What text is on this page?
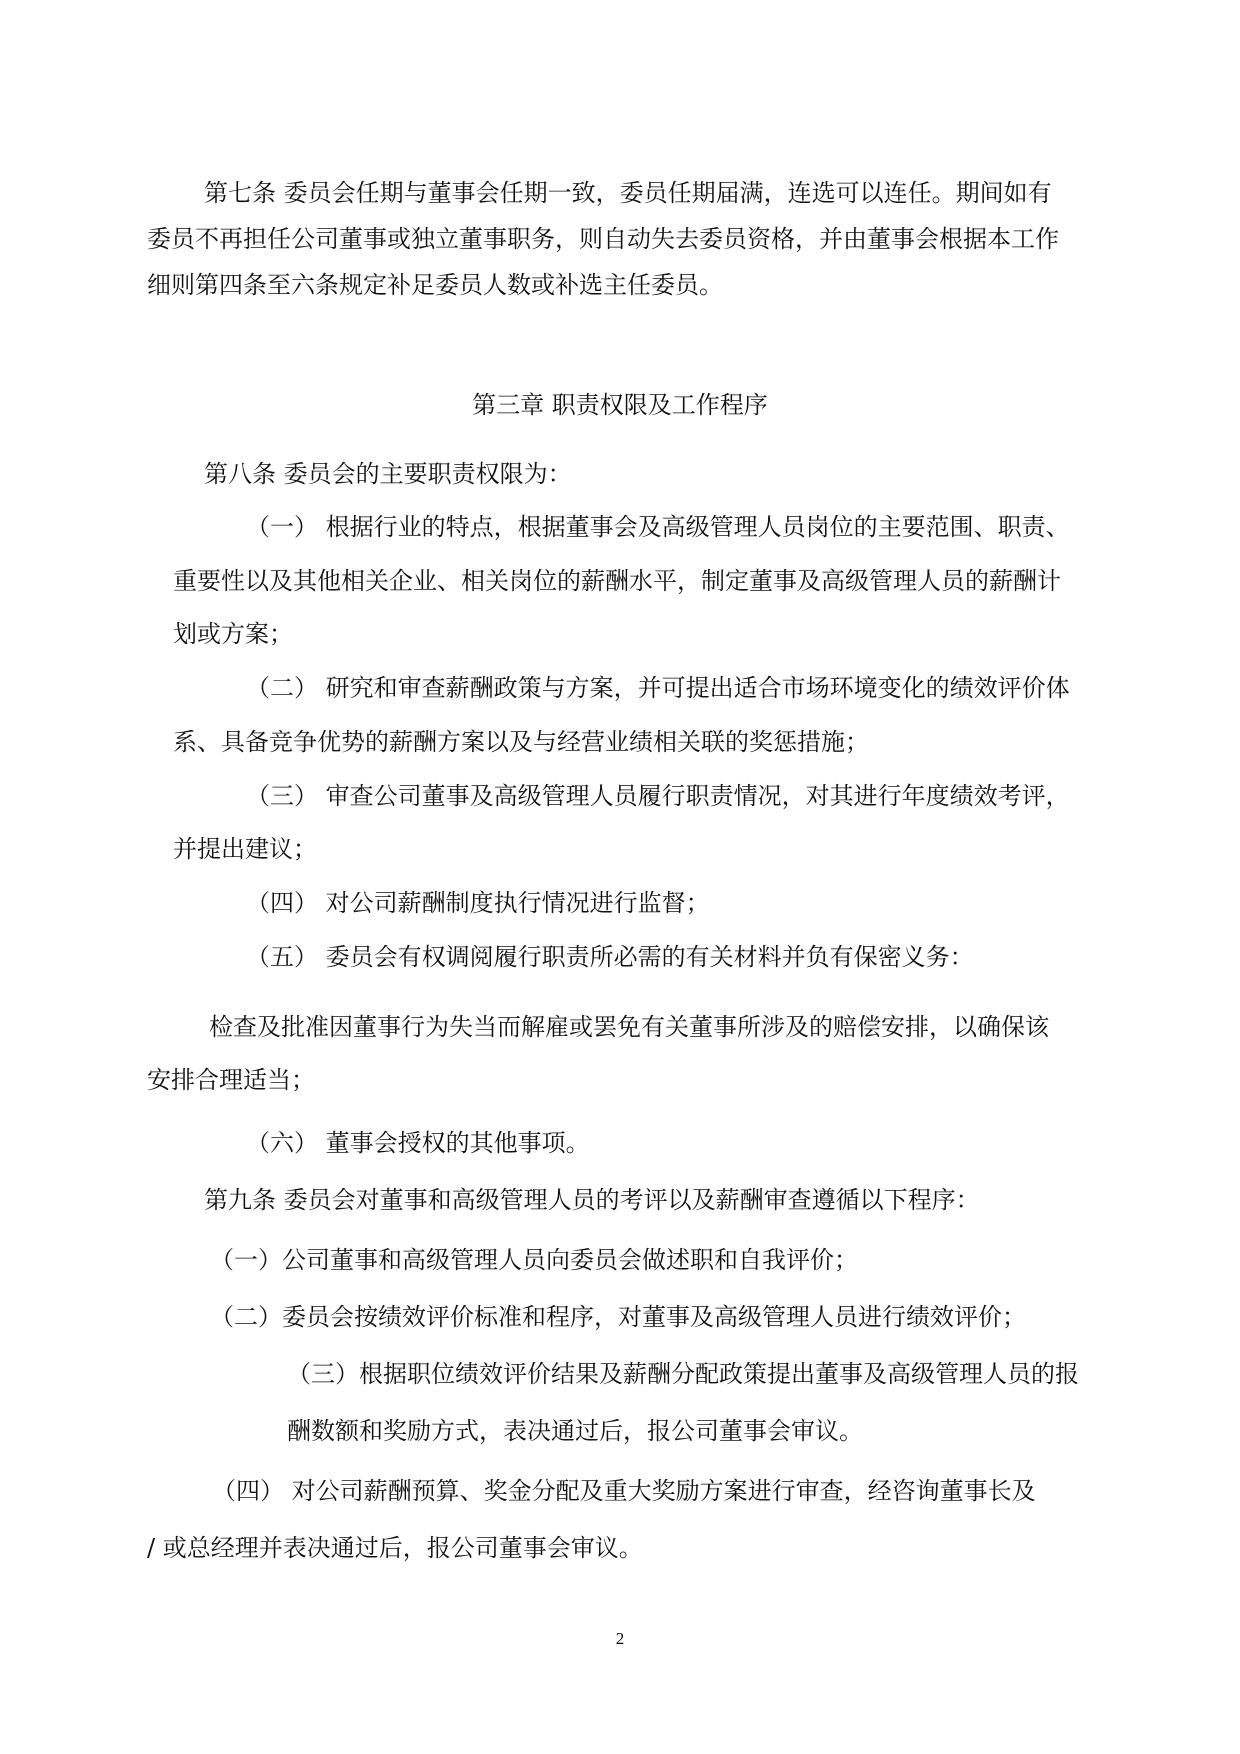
第七条 委员会任期与董事会任期一致，委员任期届满，连选可以连任。期间如有
委员不再担任公司董事或独立董事职务，则自动失去委员资格，并由董事会根据本工作
细则第四条至六条规定补足委员人数或补选主任委员。
第三章 职责权限及工作程序
第八条 委员会的主要职责权限为：
（一） 根据行业的特点，根据董事会及高级管理人员岗位的主要范围、职责、
重要性以及其他相关企业、相关岗位的薪酬水平，制定董事及高级管理人员的薪酬计
划或方案；
（二） 研究和审查薪酬政策与方案，并可提出适合市场环境变化的绩效评价体
系、具备竞争优势的薪酬方案以及与经营业绩相关联的奖惩措施；
（三） 审查公司董事及高级管理人员履行职责情况，对其进行年度绩效考评，
并提出建议；
（四） 对公司薪酬制度执行情况进行监督；
（五） 委员会有权调阅履行职责所必需的有关材料并负有保密义务：
检查及批准因董事行为失当而解雇或罢免有关董事所涉及的赔偿安排，以确保该
安排合理适当；
（六） 董事会授权的其他事项。
第九条 委员会对董事和高级管理人员的考评以及薪酬审查遵循以下程序：
（一）公司董事和高级管理人员向委员会做述职和自我评价；
（二）委员会按绩效评价标准和程序，对董事及高级管理人员进行绩效评价；
（三）根据职位绩效评价结果及薪酬分配政策提出董事及高级管理人员的报
酬数额和奖励方式，表决通过后，报公司董事会审议。
（四） 对公司薪酬预算、奖金分配及重大奖励方案进行审查，经咨询董事长及
/ 或总经理并表决通过后，报公司董事会审议。
2
